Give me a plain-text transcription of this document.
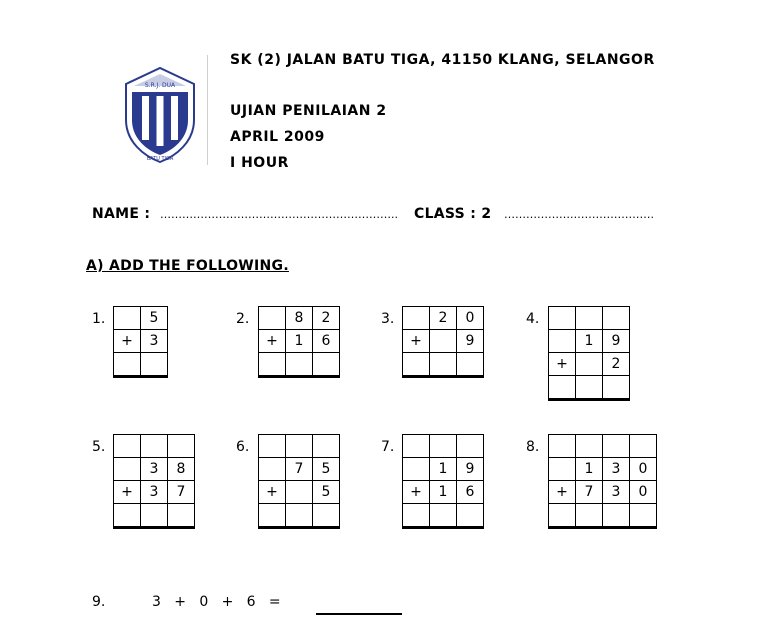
S.R.J. DUA
BATU TIGA
SK (2) JALAN BATU TIGA, 41150 KLANG, SELANGOR
UJIAN PENILAIAN 2
APRIL 2009
I HOUR
NAME : ………………………………………………………..	CLASS : 2 ……………….………………….
A) ADD THE FOLLOWING.
1.	2.	3.	4.
5.	6.	7.	8.
	5
+	3

	8	2
+	1	6

	2	0
+		9

		1	9
+		2

	3	8
+	3	7

	7	5
+		5

	1	9
+	1	6

	1	3	0
+	7	3	0

9.	3   +   0   +   6   =
